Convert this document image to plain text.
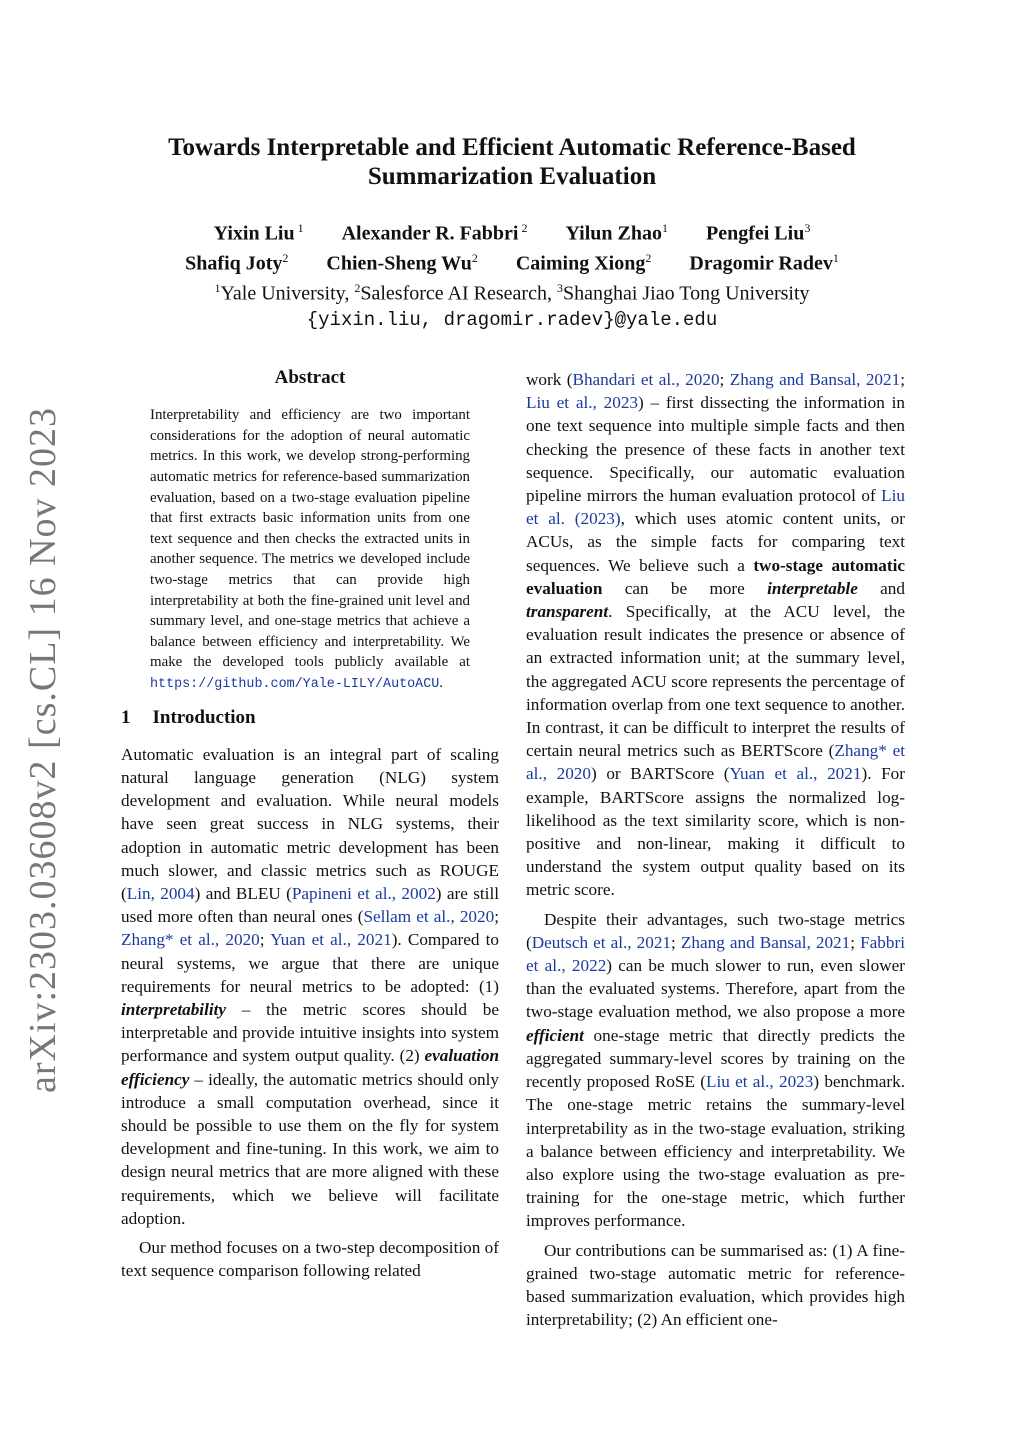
arXiv:2303.03608v2 [cs.CL] 16 Nov 2023
Towards Interpretable and Efficient Automatic Reference-Based
Summarization Evaluation
Yixin Liu $^1$ Alexander R. Fabbri $^2$ Yilun Zhao$^1$ Pengfei Liu$^3$
Shafiq Joty$^2$ Chien-Sheng Wu$^2$ Caiming Xiong$^2$ Dragomir Radev$^1$
$^1$Yale University, $^2$Salesforce AI Research, $^3$Shanghai Jiao Tong University
{yixin.liu, dragomir.radev}@yale.edu
Abstract

Interpretability and efficiency are two important considerations for the adoption of neural automatic metrics. In this work, we develop strong-performing automatic metrics for reference-based summarization evaluation, based on a two-stage evaluation pipeline that first extracts basic information units from one text sequence and then checks the extracted units in another sequence. The metrics we developed include two-stage metrics that can provide high interpretability at both the fine-grained unit level and summary level, and one-stage metrics that achieve a balance between efficiency and interpretability. We make the developed tools publicly available at https://github.com/Yale-LILY/AutoACU.

1 Introduction

Automatic evaluation is an integral part of scaling natural language generation (NLG) system development and evaluation. While neural models have seen great success in NLG systems, their adoption in automatic metric development has been much slower, and classic metrics such as ROUGE (Lin, 2004) and BLEU (Papineni et al., 2002) are still used more often than neural ones (Sellam et al., 2020; Zhang* et al., 2020; Yuan et al., 2021). Compared to neural systems, we argue that there are unique requirements for neural metrics to be adopted: (1) interpretability – the metric scores should be interpretable and provide intuitive insights into system performance and system output quality. (2) evaluation efficiency – ideally, the automatic metrics should only introduce a small computation overhead, since it should be possible to use them on the fly for system development and fine-tuning. In this work, we aim to design neural metrics that are more aligned with these requirements, which we believe will facilitate adoption.

Our method focuses on a two-step decomposition of text sequence comparison following related

work (Bhandari et al., 2020; Zhang and Bansal, 2021; Liu et al., 2023) – first dissecting the information in one text sequence into multiple simple facts and then checking the presence of these facts in another text sequence. Specifically, our automatic evaluation pipeline mirrors the human evaluation protocol of Liu et al. (2023), which uses atomic content units, or ACUs, as the simple facts for comparing text sequences. We believe such a two-stage automatic evaluation can be more interpretable and transparent. Specifically, at the ACU level, the evaluation result indicates the presence or absence of an extracted information unit; at the summary level, the aggregated ACU score represents the percentage of information overlap from one text sequence to another. In contrast, it can be difficult to interpret the results of certain neural metrics such as BERTScore (Zhang* et al., 2020) or BARTScore (Yuan et al., 2021). For example, BARTScore assigns the normalized log-likelihood as the text similarity score, which is non-positive and non-linear, making it difficult to understand the system output quality based on its metric score.

Despite their advantages, such two-stage metrics (Deutsch et al., 2021; Zhang and Bansal, 2021; Fabbri et al., 2022) can be much slower to run, even slower than the evaluated systems. Therefore, apart from the two-stage evaluation method, we also propose a more efficient one-stage metric that directly predicts the aggregated summary-level scores by training on the recently proposed RoSE (Liu et al., 2023) benchmark. The one-stage metric retains the summary-level interpretability as in the two-stage evaluation, striking a balance between efficiency and interpretability. We also explore using the two-stage evaluation as pre-training for the one-stage metric, which further improves performance.

Our contributions can be summarised as: (1) A fine-grained two-stage automatic metric for reference-based summarization evaluation, which provides high interpretability; (2) An efficient one-
